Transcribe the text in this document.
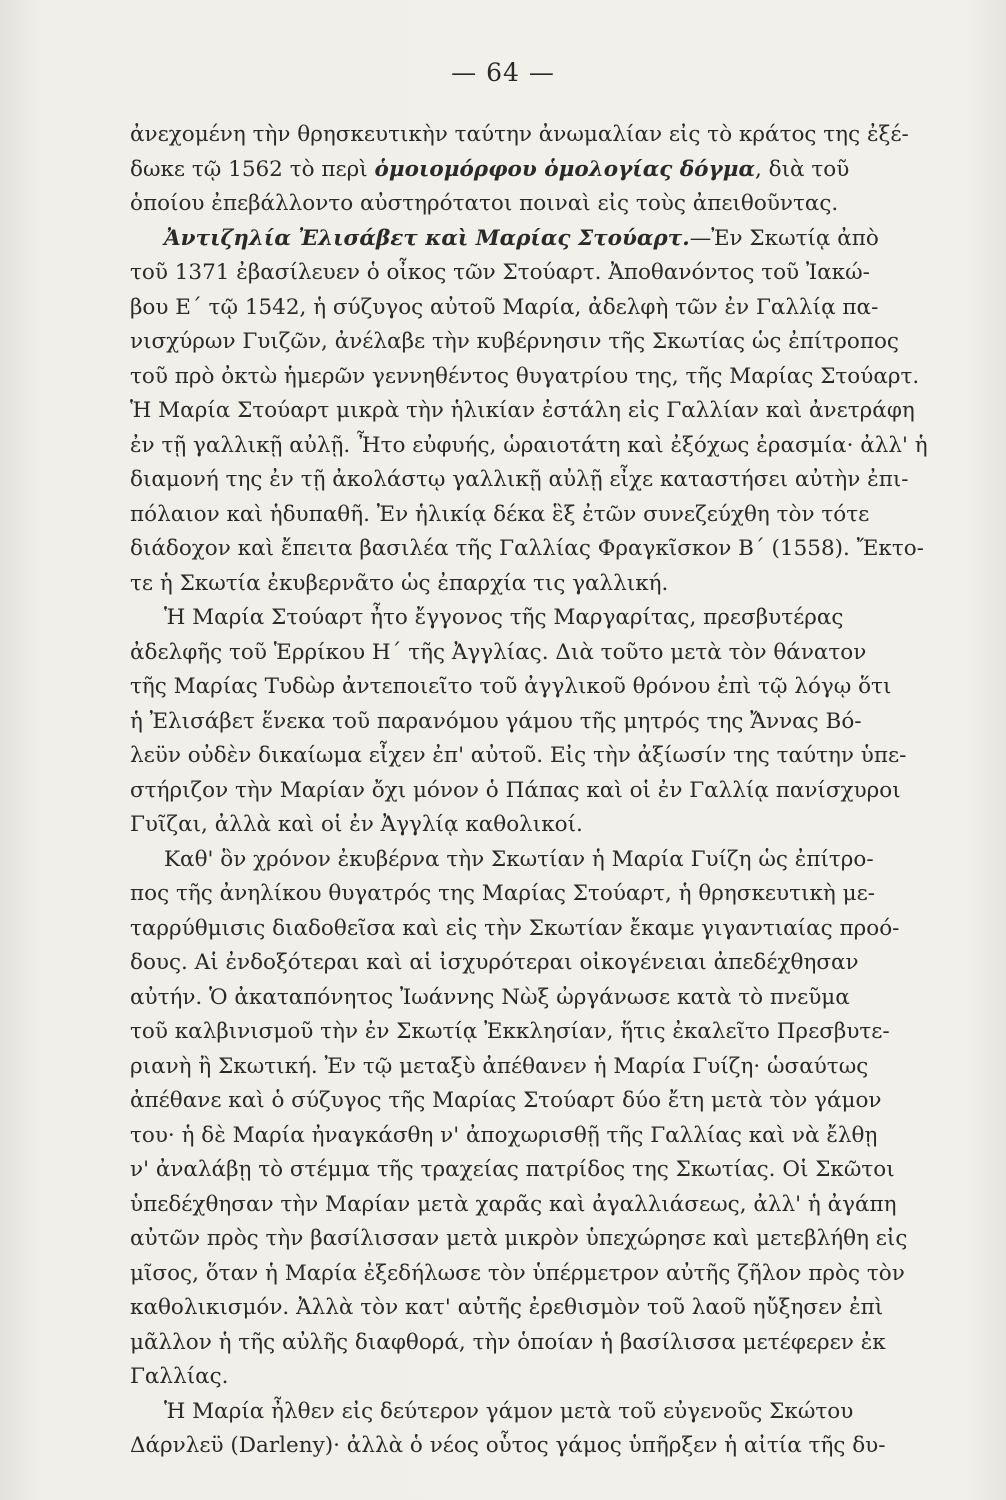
— 64 —
ἀνεχομένη τὴν θρησκευτικὴν ταύτην ἀνωμαλίαν εἰς τὸ κράτος της ἐξέ-
δωκε τῷ 1562 τὸ περὶ ὁμοιομόρφου ὁμολογίας δόγμα, διὰ τοῦ
ὁποίου ἐπεβάλλοντο αὐστηρότατοι ποιναὶ εἰς τοὺς ἀπειθοῦντας.
Ἀντιζηλία Ἐλισάβετ καὶ Μαρίας Στούαρτ.—Ἐν Σκωτίᾳ ἀπὸ
τοῦ 1371 ἐβασίλευεν ὁ οἶκος τῶν Στούαρτ. Ἀποθανόντος τοῦ Ἰακώ-
βου Ε΄ τῷ 1542, ἡ σύζυγος αὐτοῦ Μαρία, ἀδελφὴ τῶν ἐν Γαλλίᾳ πα-
νισχύρων Γυιζῶν, ἀνέλαβε τὴν κυβέρνησιν τῆς Σκωτίας ὡς ἐπίτροπος
τοῦ πρὸ ὀκτὼ ἡμερῶν γεννηθέντος θυγατρίου της, τῆς Μαρίας Στούαρτ.
Ἡ Μαρία Στούαρτ μικρὰ τὴν ἡλικίαν ἐστάλη εἰς Γαλλίαν καὶ ἀνετράφη
ἐν τῇ γαλλικῇ αὐλῇ. Ἦτο εὐφυής, ὡραιοτάτη καὶ ἐξόχως ἐρασμία· ἀλλ' ἡ
διαμονή της ἐν τῇ ἀκολάστῳ γαλλικῇ αὐλῇ εἶχε καταστήσει αὐτὴν ἐπι-
πόλαιον καὶ ἡδυπαθῆ. Ἐν ἡλικίᾳ δέκα ἓξ ἐτῶν συνεζεύχθη τὸν τότε
διάδοχον καὶ ἔπειτα βασιλέα τῆς Γαλλίας Φραγκῖσκον Β΄ (1558). Ἔκτο-
τε ἡ Σκωτία ἐκυβερνᾶτο ὡς ἐπαρχία τις γαλλική.
Ἡ Μαρία Στούαρτ ἦτο ἔγγονος τῆς Μαργαρίτας, πρεσβυτέρας
ἀδελφῆς τοῦ Ἑρρίκου Η΄ τῆς Ἀγγλίας. Διὰ τοῦτο μετὰ τὸν θάνατον
τῆς Μαρίας Τυδὼρ ἀντεποιεῖτο τοῦ ἀγγλικοῦ θρόνου ἐπὶ τῷ λόγῳ ὅτι
ἡ Ἐλισάβετ ἕνεκα τοῦ παρανόμου γάμου τῆς μητρός της Ἄννας Βό-
λεϋν οὐδὲν δικαίωμα εἶχεν ἐπ' αὐτοῦ. Εἰς τὴν ἀξίωσίν της ταύτην ὑπε-
στήριζον τὴν Μαρίαν ὄχι μόνον ὁ Πάπας καὶ οἱ ἐν Γαλλίᾳ πανίσχυροι
Γυῖζαι, ἀλλὰ καὶ οἱ ἐν Ἀγγλίᾳ καθολικοί.
Καθ' ὃν χρόνον ἐκυβέρνα τὴν Σκωτίαν ἡ Μαρία Γυίζη ὡς ἐπίτρο-
πος τῆς ἀνηλίκου θυγατρός της Μαρίας Στούαρτ, ἡ θρησκευτικὴ με-
ταρρύθμισις διαδοθεῖσα καὶ εἰς τὴν Σκωτίαν ἔκαμε γιγαντιαίας προό-
δους. Αἱ ἐνδοξότεραι καὶ αἱ ἰσχυρότεραι οἰκογένειαι ἀπεδέχθησαν
αὐτήν. Ὁ ἀκαταπόνητος Ἰωάννης Νὼξ ὠργάνωσε κατὰ τὸ πνεῦμα
τοῦ καλβινισμοῦ τὴν ἐν Σκωτίᾳ Ἐκκλησίαν, ἥτις ἐκαλεῖτο Πρεσβυτε-
ριανὴ ἢ Σκωτική. Ἐν τῷ μεταξὺ ἀπέθανεν ἡ Μαρία Γυίζη· ὡσαύτως
ἀπέθανε καὶ ὁ σύζυγος τῆς Μαρίας Στούαρτ δύο ἔτη μετὰ τὸν γάμον
του· ἡ δὲ Μαρία ἠναγκάσθη ν' ἀποχωρισθῇ τῆς Γαλλίας καὶ νὰ ἔλθῃ
ν' ἀναλάβῃ τὸ στέμμα τῆς τραχείας πατρίδος της Σκωτίας. Οἱ Σκῶτοι
ὑπεδέχθησαν τὴν Μαρίαν μετὰ χαρᾶς καὶ ἀγαλλιάσεως, ἀλλ' ἡ ἀγάπη
αὐτῶν πρὸς τὴν βασίλισσαν μετὰ μικρὸν ὑπεχώρησε καὶ μετεβλήθη εἰς
μῖσος, ὅταν ἡ Μαρία ἐξεδήλωσε τὸν ὑπέρμετρον αὐτῆς ζῆλον πρὸς τὸν
καθολικισμόν. Ἀλλὰ τὸν κατ' αὐτῆς ἐρεθισμὸν τοῦ λαοῦ ηὔξησεν ἐπὶ
μᾶλλον ἡ τῆς αὐλῆς διαφθορά, τὴν ὁποίαν ἡ βασίλισσα μετέφερεν ἐκ
Γαλλίας.
Ἡ Μαρία ἦλθεν εἰς δεύτερον γάμον μετὰ τοῦ εὐγενοῦς Σκώτου
Δάρνλεϋ (Darleny)· ἀλλὰ ὁ νέος οὗτος γάμος ὑπῆρξεν ἡ αἰτία τῆς δυ-
